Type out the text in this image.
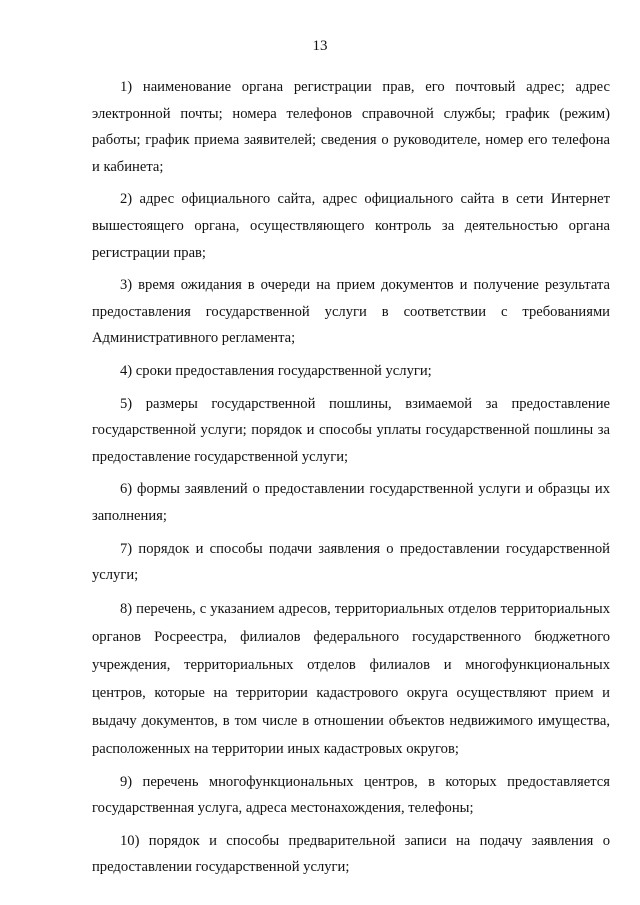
13

1) наименование органа регистрации прав, его почтовый адрес; адрес электронной почты; номера телефонов справочной службы; график (режим) работы; график приема заявителей; сведения о руководителе, номер его телефона и кабинета;

2) адрес официального сайта, адрес официального сайта в сети Интернет вышестоящего органа, осуществляющего контроль за деятельностью органа регистрации прав;

3) время ожидания в очереди на прием документов и получение результата предоставления государственной услуги в соответствии с требованиями Административного регламента;

4) сроки предоставления государственной услуги;

5) размеры государственной пошлины, взимаемой за предоставление государственной услуги; порядок и способы уплаты государственной пошлины за предоставление государственной услуги;

6) формы заявлений о предоставлении государственной услуги и образцы их заполнения;

7) порядок и способы подачи заявления о предоставлении государственной услуги;

8) перечень, с указанием адресов, территориальных отделов территориальных органов Росреестра, филиалов федерального государственного бюджетного учреждения, территориальных отделов филиалов и многофункциональных центров, которые на территории кадастрового округа осуществляют прием и выдачу документов, в том числе в отношении объектов недвижимого имущества, расположенных на территории иных кадастровых округов;

9) перечень многофункциональных центров, в которых предоставляется государственная услуга, адреса местонахождения, телефоны;

10) порядок и способы предварительной записи на подачу заявления о предоставлении государственной услуги;
